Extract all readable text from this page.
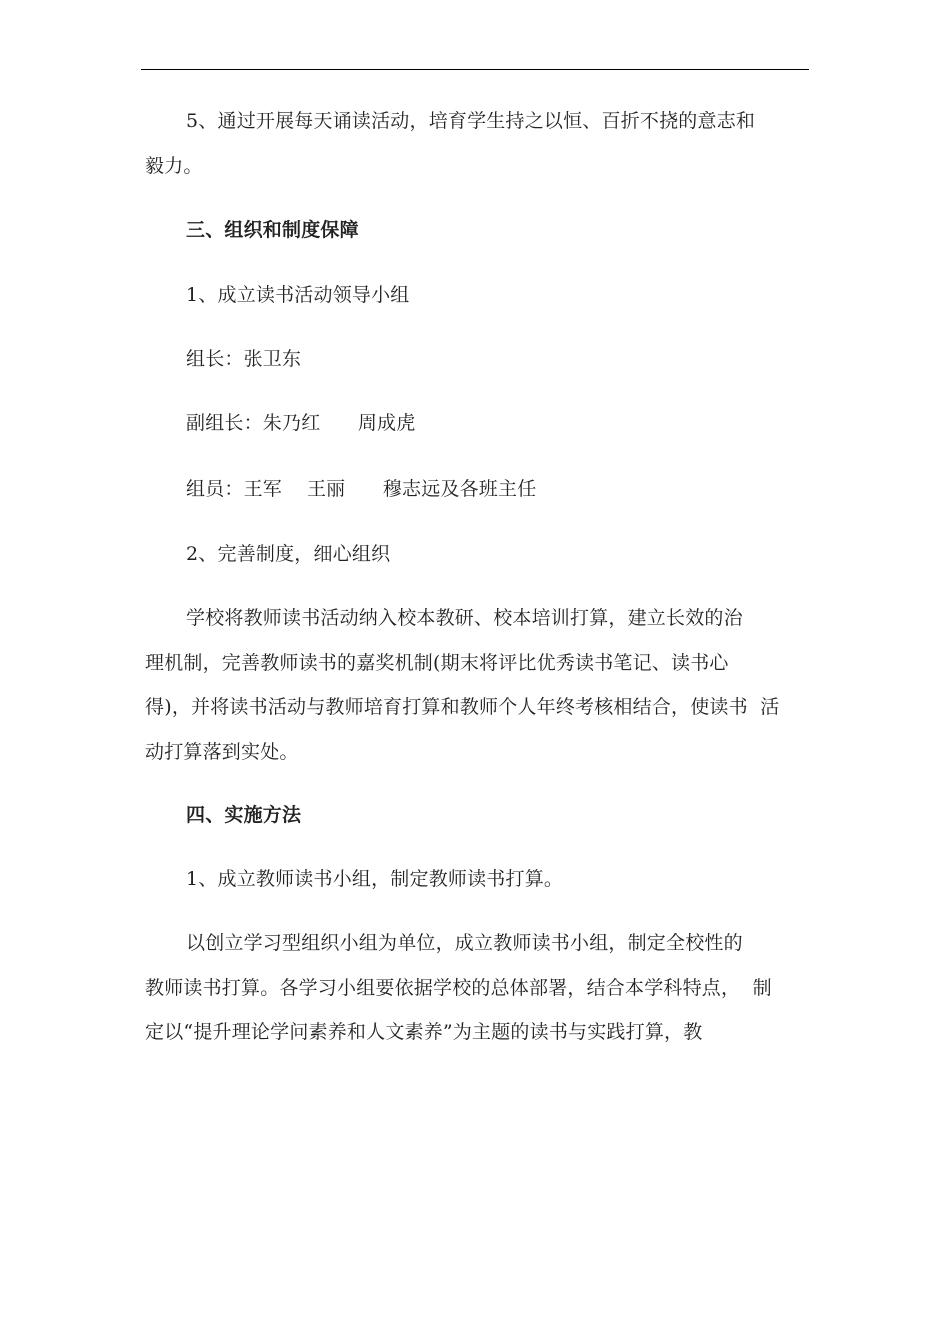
5、通过开展每天诵读活动，培育学生持之以恒、百折不挠的意志和
毅力。
三、组织和制度保障
1、成立读书活动领导小组
组长：张卫东
副组长：朱乃红      周成虎
组员：王军    王丽      穆志远及各班主任
2、完善制度，细心组织
学校将教师读书活动纳入校本教研、校本培训打算，建立长效的治
理机制，完善教师读书的嘉奖机制(期末将评比优秀读书笔记、读书心
得)，并将读书活动与教师培育打算和教师个人年终考核相结合，使读书  活
动打算落到实处。
四、实施方法
1、成立教师读书小组，制定教师读书打算。
以创立学习型组织小组为单位，成立教师读书小组，制定全校性的
教师读书打算。各学习小组要依据学校的总体部署，结合本学科特点，  制
定以“提升理论学问素养和人文素养”为主题的读书与实践打算，教
